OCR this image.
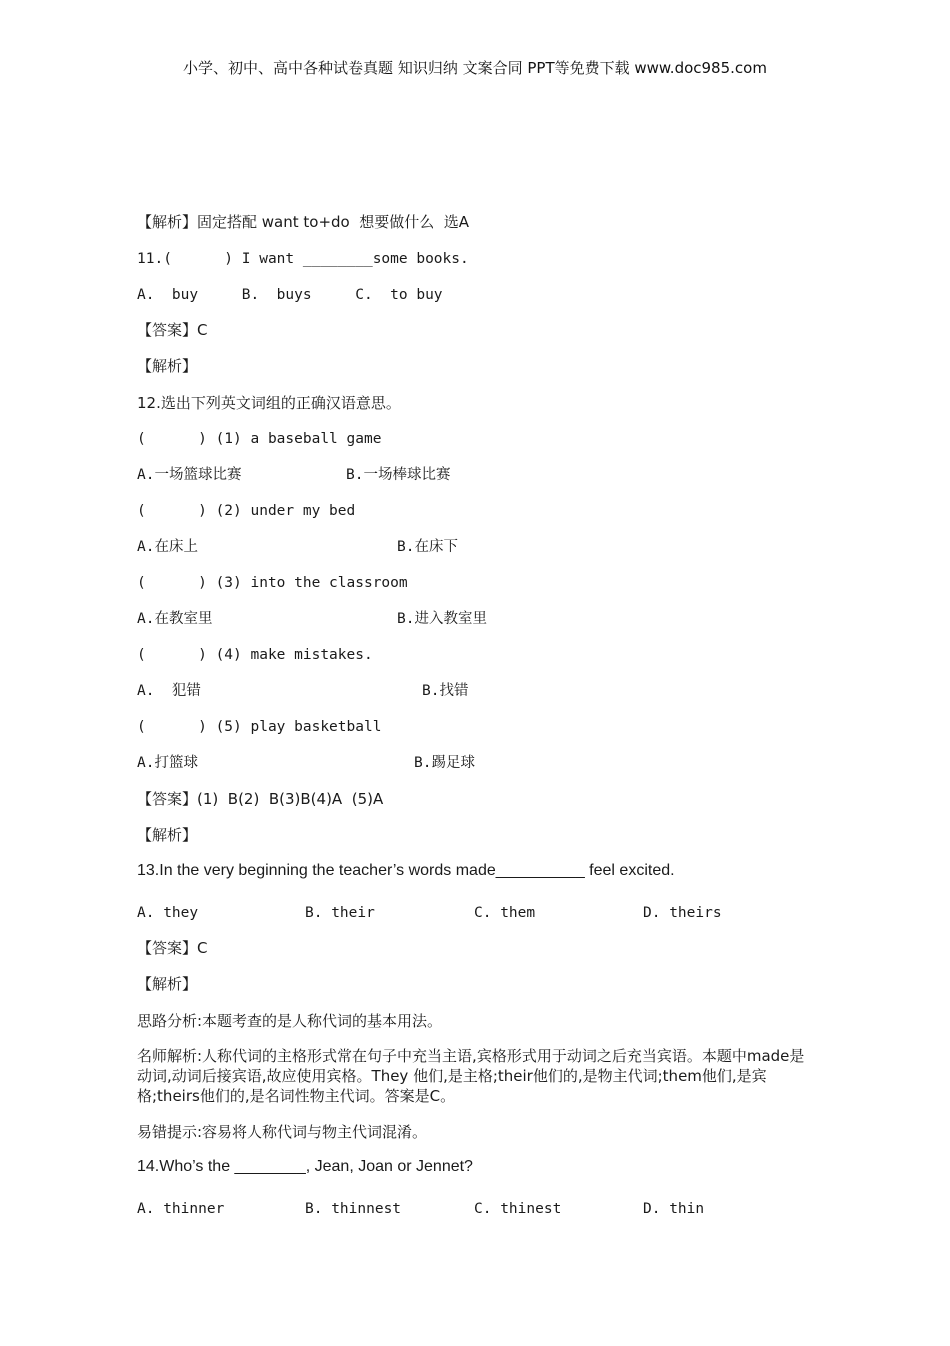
小学、初中、高中各种试卷真题 知识归纳 文案合同 PPT等免费下载 www.doc985.com
【解析】固定搭配 want to+do  想要做什么  选A
11.(      ) I want ________some books.
A.  buy     B.  buys     C.  to buy
【答案】C
【解析】
12.选出下列英文词组的正确汉语意思。
(      ) (1) a baseball game
A.一场篮球比赛	B.一场棒球比赛
(      ) (2) under my bed
A.在床上	B.在床下
(      ) (3) into the classroom
A.在教室里	B.进入教室里
(      ) (4) make mistakes.
A.  犯错	B.找错
(      ) (5) play basketball
A.打篮球	B.踢足球
【答案】(1)  B(2)  B(3)B(4)A  (5)A
【解析】
13.In the very beginning the teacher’s words made__________ feel excited.
A. they	B. their	C. them	D. theirs
【答案】C
【解析】
思路分析:本题考查的是人称代词的基本用法。
名师解析:人称代词的主格形式常在句子中充当主语,宾格形式用于动词之后充当宾语。本题中made是动词,动词后接宾语,故应使用宾格。They 他们,是主格;their他们的,是物主代词;them他们,是宾格;theirs他们的,是名词性物主代词。答案是C。
易错提示:容易将人称代词与物主代词混淆。
14.Who’s the ________, Jean, Joan or Jennet?
A. thinner	B. thinnest	C. thinest	D. thin
